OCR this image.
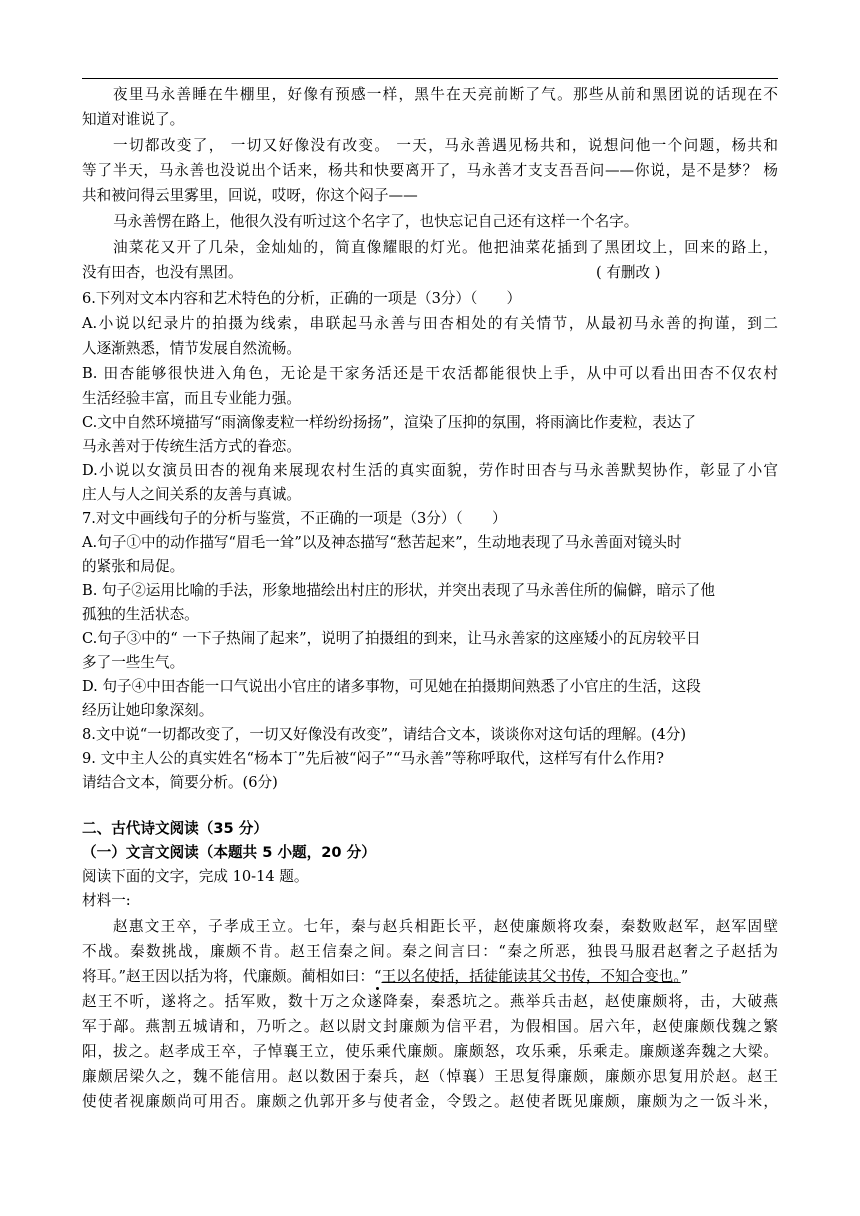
夜里马永善睡在牛棚里，好像有预感一样，黑牛在天亮前断了气。那些从前和黑团说的话现在不
知道对谁说了。
一切都改变了， 一切又好像没有改变。 一天，马永善遇见杨共和，说想问他一个问题，杨共和
等了半天，马永善也没说出个话来，杨共和快要离开了，马永善才支支吾吾问——你说，是不是梦？ 杨
共和被问得云里雾里，回说，哎呀，你这个闷子——
马永善愣在路上，他很久没有听过这个名字了，也快忘记自己还有这样一个名字。
油菜花又开了几朵，金灿灿的，简直像耀眼的灯光。他把油菜花插到了黑团坟上，回来的路上，
没有田杏，也没有黑团。	( 有删改 )
6.下列对文本内容和艺术特色的分析，正确的一项是（3分）（　　）
A.小说以纪录片的拍摄为线索，串联起马永善与田杏相处的有关情节，从最初马永善的拘谨，到二
人逐渐熟悉，情节发展自然流畅。
B. 田杏能够很快进入角色，无论是干家务活还是干农活都能很快上手，从中可以看出田杏不仅农村
生活经验丰富，而且专业能力强。
C.文中自然环境描写“雨滴像麦粒一样纷纷扬扬”，渲染了压抑的氛围，将雨滴比作麦粒，表达了
马永善对于传统生活方式的眷恋。
D.小说以女演员田杏的视角来展现农村生活的真实面貌，劳作时田杏与马永善默契协作，彰显了小官
庄人与人之间关系的友善与真诚。
7.对文中画线句子的分析与鉴赏，不正确的一项是（3分）（　　）
A.句子①中的动作描写“眉毛一耸”以及神态描写“愁苦起来”，生动地表现了马永善面对镜头时
的紧张和局促。
B. 句子②运用比喻的手法，形象地描绘出村庄的形状，并突出表现了马永善住所的偏僻，暗示了他
孤独的生活状态。
C.句子③中的“ 一下子热闹了起来”，说明了拍摄组的到来，让马永善家的这座矮小的瓦房较平日
多了一些生气。
D. 句子④中田杏能一口气说出小官庄的诸多事物，可见她在拍摄期间熟悉了小官庄的生活，这段
经历让她印象深刻。
8.文中说“一切都改变了，一切又好像没有改变”，请结合文本，谈谈你对这句话的理解。(4分)
9. 文中主人公的真实姓名“杨本丁”先后被“闷子”“马永善”等称呼取代，这样写有什么作用?
请结合文本，简要分析。(6分)
二、古代诗文阅读（35 分）
（一）文言文阅读（本题共 5 小题，20 分）
阅读下面的文字，完成 10-14 题。
材料一:
赵惠文王卒，子孝成王立。七年，秦与赵兵相距长平，赵使廉颇将攻秦，秦数败赵军，赵军固壁
不战。秦数挑战，廉颇不肯。赵王信秦之间。秦之间言曰：“秦之所恶，独畏马服君赵奢之子赵括为
将耳。”赵王因以括为将，代廉颇。蔺相如曰：“王以名使括，括徒能读其父书传，不知合变也。”
赵王不听，遂将之。括军败，数十万之众遂降秦，秦悉坑之。燕举兵击赵，赵使廉颇将，击，大破燕
军于鄗。燕割五城请和，乃听之。赵以尉文封廉颇为信平君，为假相国。居六年，赵使廉颇伐魏之繁
阳，拔之。赵孝成王卒，子悼襄王立，使乐乘代廉颇。廉颇怒，攻乐乘，乐乘走。廉颇遂奔魏之大梁。
廉颇居梁久之，魏不能信用。赵以数困于秦兵，赵（悼襄）王思复得廉颇，廉颇亦思复用於赵。赵王
使使者视廉颇尚可用否。廉颇之仇郭开多与使者金，令毁之。赵使者既见廉颇，廉颇为之一饭斗米，
